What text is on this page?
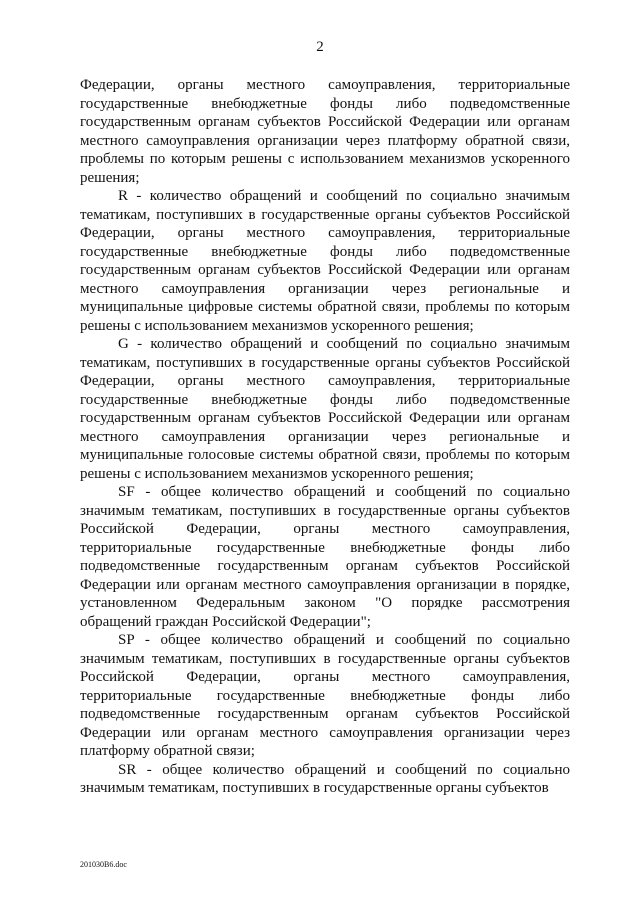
2
Федерации, органы местного самоуправления, территориальные
государственные внебюджетные фонды либо подведомственные
государственным органам субъектов Российской Федерации или органам
местного самоуправления организации через платформу обратной связи,
проблемы по которым решены с использованием механизмов ускоренного
решения;
R - количество обращений и сообщений по социально значимым
тематикам, поступивших в государственные органы субъектов Российской
Федерации, органы местного самоуправления, территориальные
государственные внебюджетные фонды либо подведомственные
государственным органам субъектов Российской Федерации или органам
местного самоуправления организации через региональные и
муниципальные цифровые системы обратной связи, проблемы по которым
решены с использованием механизмов ускоренного решения;
G - количество обращений и сообщений по социально значимым
тематикам, поступивших в государственные органы субъектов Российской
Федерации, органы местного самоуправления, территориальные
государственные внебюджетные фонды либо подведомственные
государственным органам субъектов Российской Федерации или органам
местного самоуправления организации через региональные и
муниципальные голосовые системы обратной связи, проблемы по которым
решены с использованием механизмов ускоренного решения;
SF - общее количество обращений и сообщений по социально
значимым тематикам, поступивших в государственные органы субъектов
Российской Федерации, органы местного самоуправления,
территориальные государственные внебюджетные фонды либо
подведомственные государственным органам субъектов Российской
Федерации или органам местного самоуправления организации в порядке,
установленном Федеральным законом "О порядке рассмотрения
обращений граждан Российской Федерации";
SP - общее количество обращений и сообщений по социально
значимым тематикам, поступивших в государственные органы субъектов
Российской Федерации, органы местного самоуправления,
территориальные государственные внебюджетные фонды либо
подведомственные государственным органам субъектов Российской
Федерации или органам местного самоуправления организации через
платформу обратной связи;
SR - общее количество обращений и сообщений по социально
значимым тематикам, поступивших в государственные органы субъектов
201030В6.doc
